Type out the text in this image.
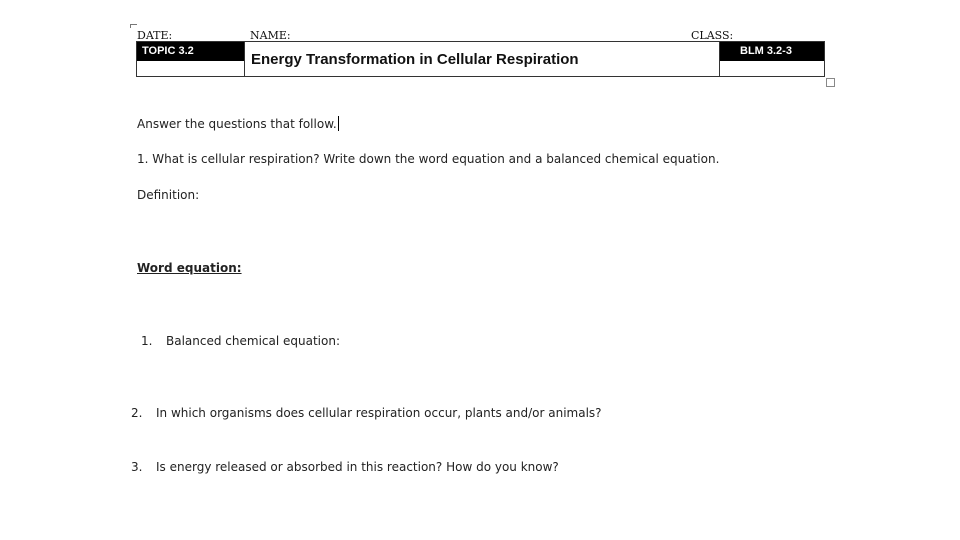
DATE:	NAME:	CLASS:
TOPIC 3.2	Energy Transformation in Cellular Respiration	BLM 3.2-3
Answer the questions that follow.
1. What is cellular respiration? Write down the word equation and a balanced chemical equation.
Definition:
Word equation:
1. Balanced chemical equation:
2. In which organisms does cellular respiration occur, plants and/or animals?
3. Is energy released or absorbed in this reaction? How do you know?
